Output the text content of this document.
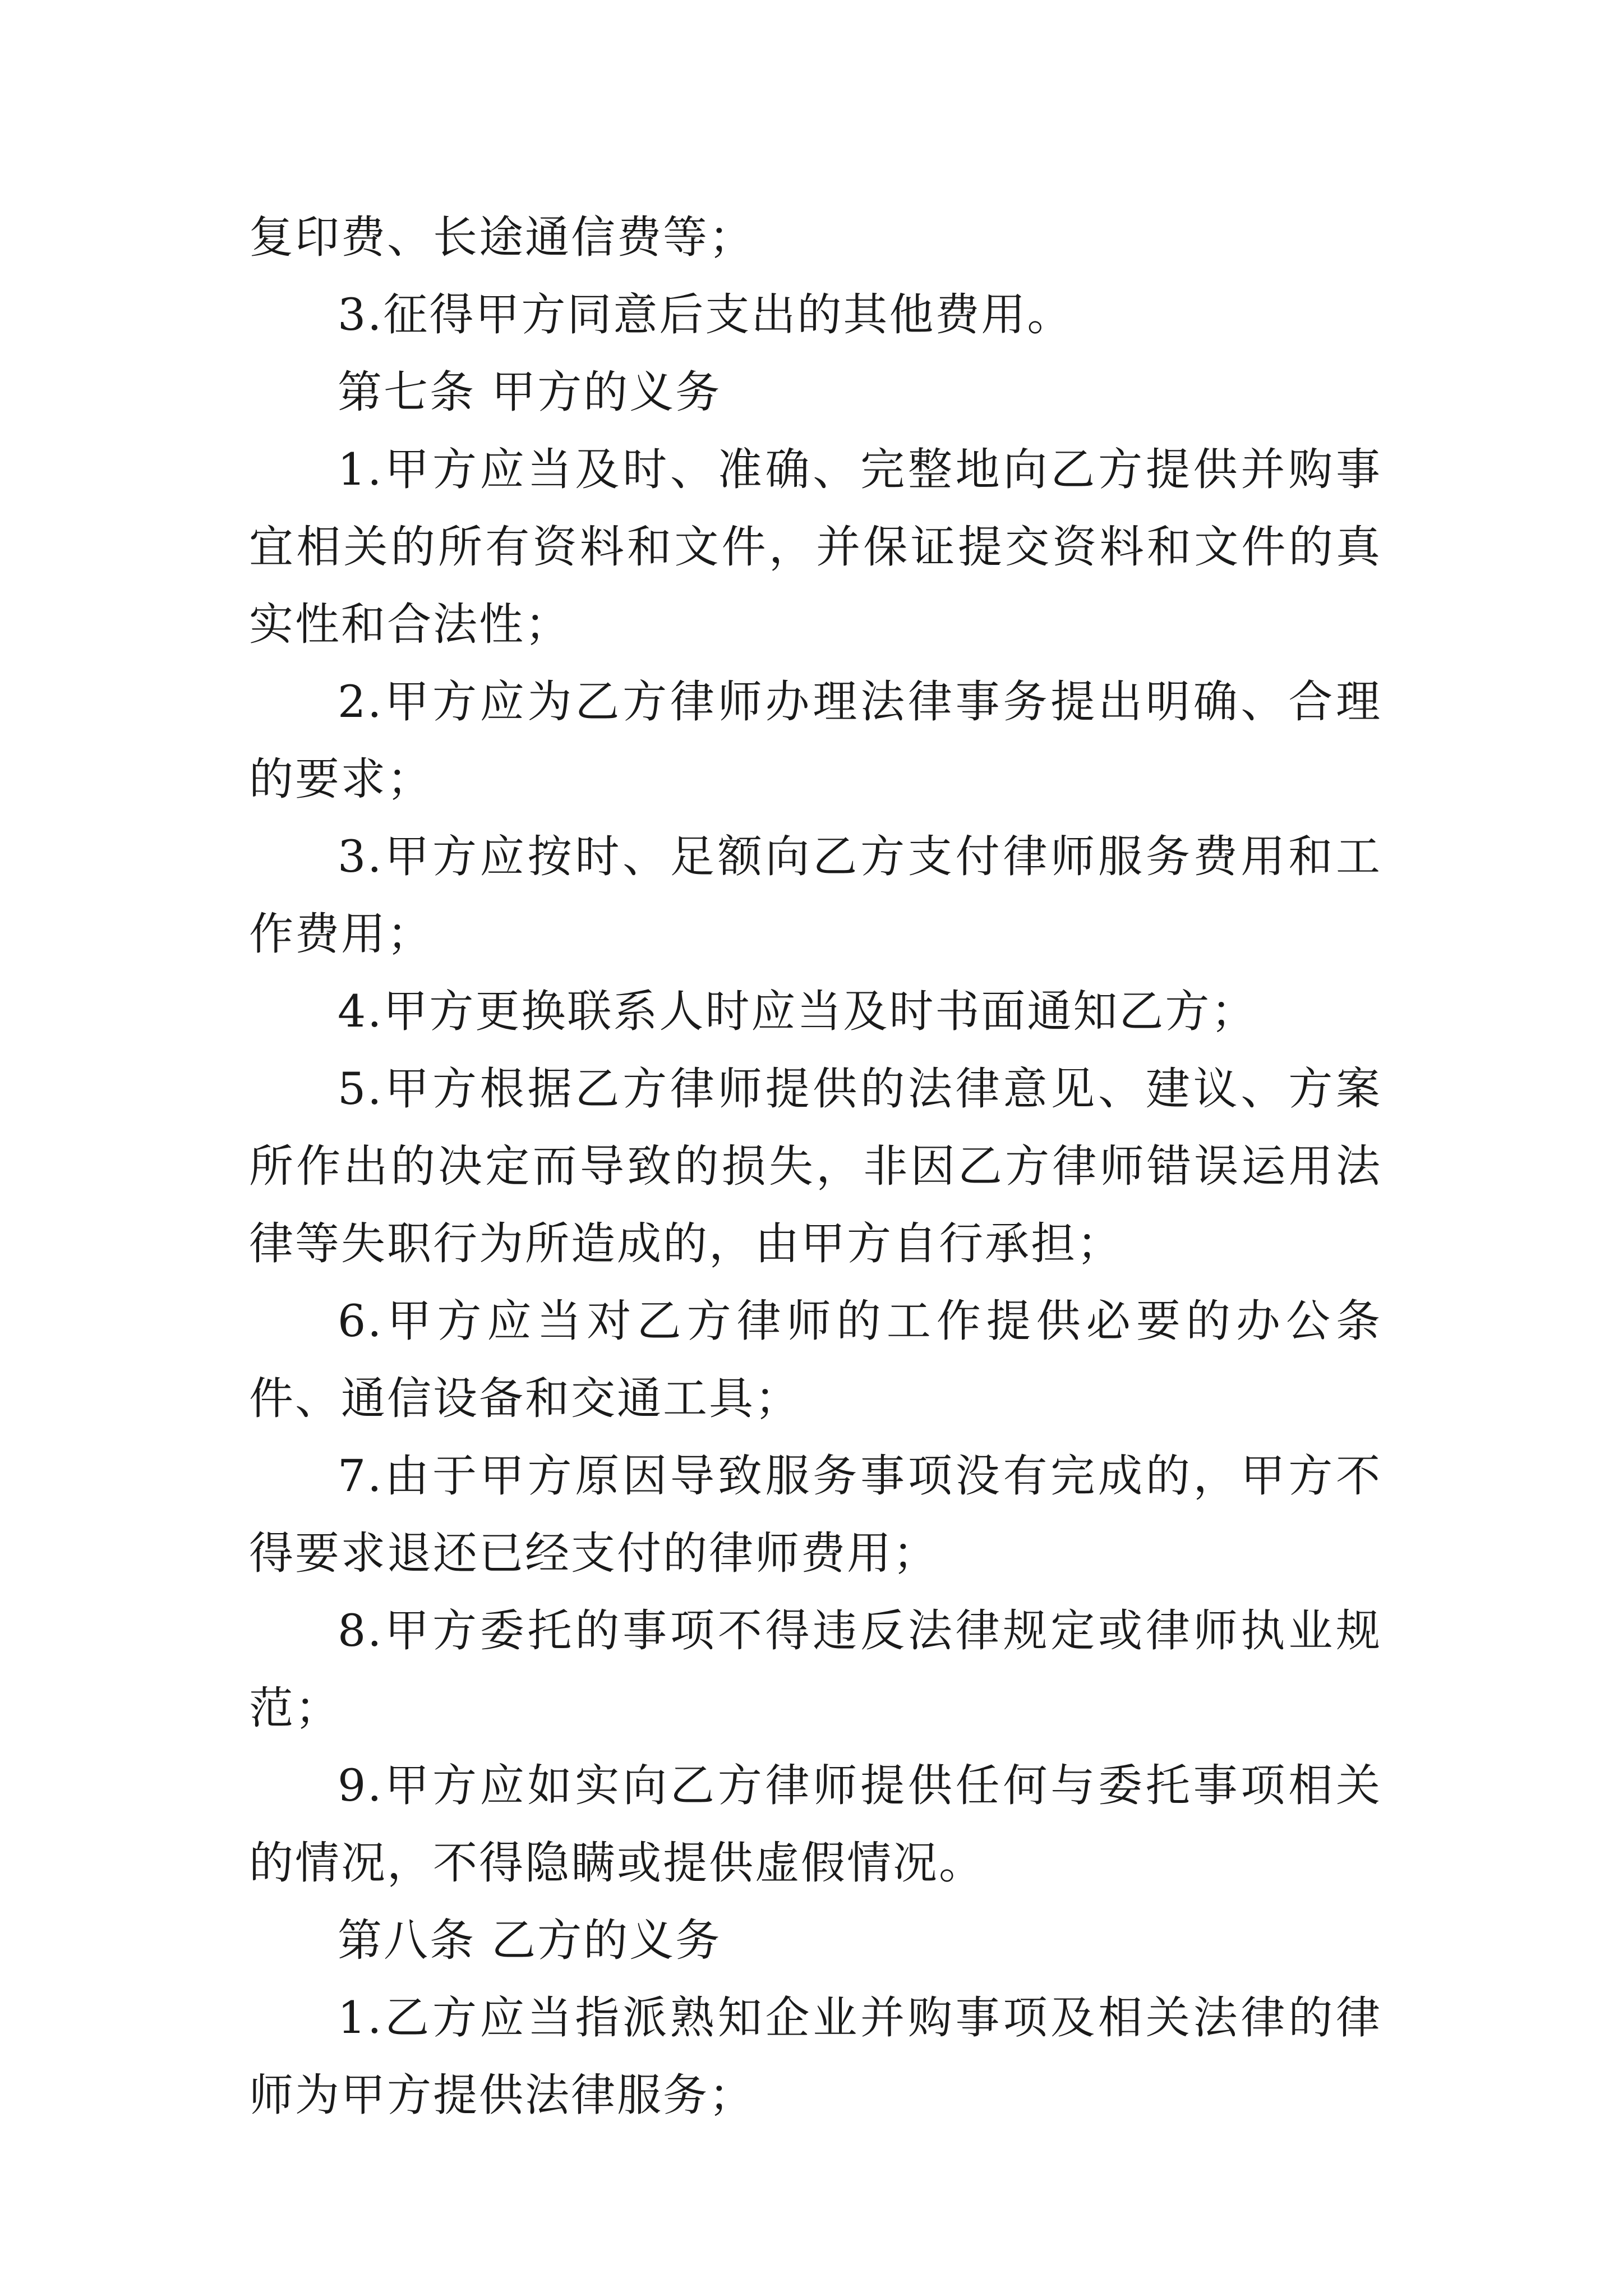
复印费、长途通信费等；

3.征得甲方同意后支出的其他费用。

第七条 甲方的义务

1.甲方应当及时、准确、完整地向乙方提供并购事宜相关的所有资料和文件，并保证提交资料和文件的真实性和合法性；

2.甲方应为乙方律师办理法律事务提出明确、合理的要求；

3.甲方应按时、足额向乙方支付律师服务费用和工作费用；

4.甲方更换联系人时应当及时书面通知乙方；

5.甲方根据乙方律师提供的法律意见、建议、方案所作出的决定而导致的损失，非因乙方律师错误运用法律等失职行为所造成的，由甲方自行承担；

6.甲方应当对乙方律师的工作提供必要的办公条件、通信设备和交通工具；

7.由于甲方原因导致服务事项没有完成的，甲方不得要求退还已经支付的律师费用；

8.甲方委托的事项不得违反法律规定或律师执业规范；

9.甲方应如实向乙方律师提供任何与委托事项相关的情况，不得隐瞒或提供虚假情况。

第八条 乙方的义务

1.乙方应当指派熟知企业并购事项及相关法律的律师为甲方提供法律服务；
